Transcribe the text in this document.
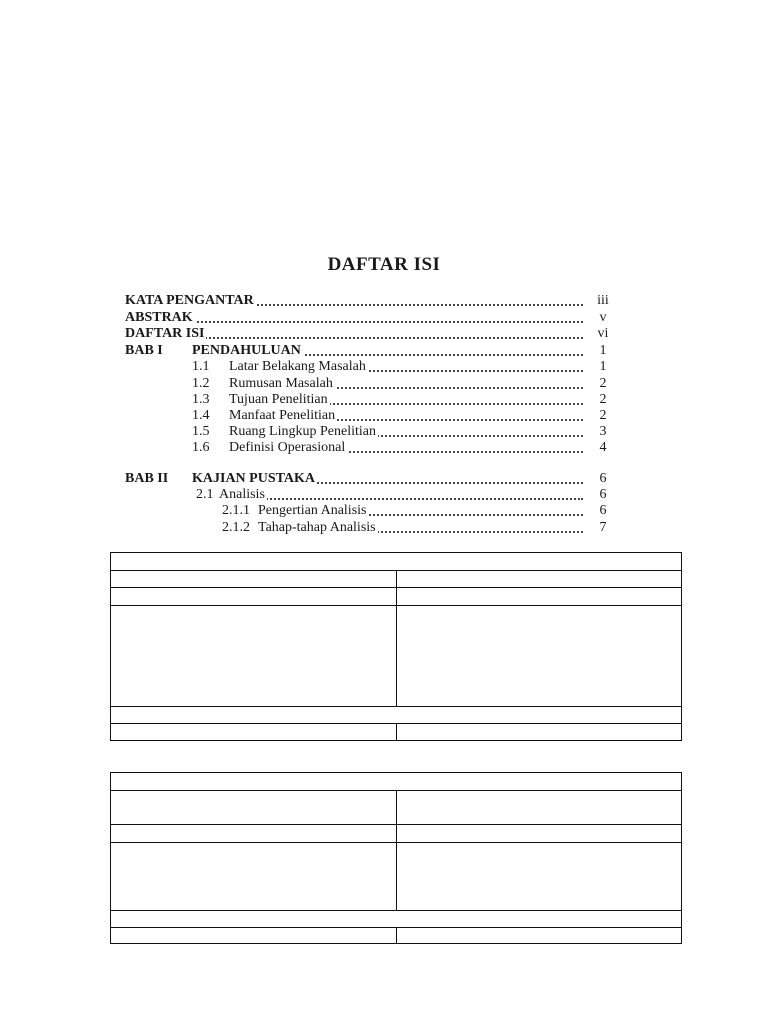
DAFTAR ISI
KATA PENGANTAR	iii
ABSTRAK	v
DAFTAR ISI	vi
BAB I PENDAHULUAN	1
1.1 Latar Belakang Masalah	1
1.2 Rumusan Masalah	2
1.3 Tujuan Penelitian	2
1.4 Manfaat Penelitian	2
1.5 Ruang Lingkup Penelitian	3
1.6 Definisi Operasional	4
BAB II KAJIAN PUSTAKA	6
2.1 Analisis	6
2.1.1 Pengertian Analisis	6
2.1.2 Tahap-tahap Analisis	7
